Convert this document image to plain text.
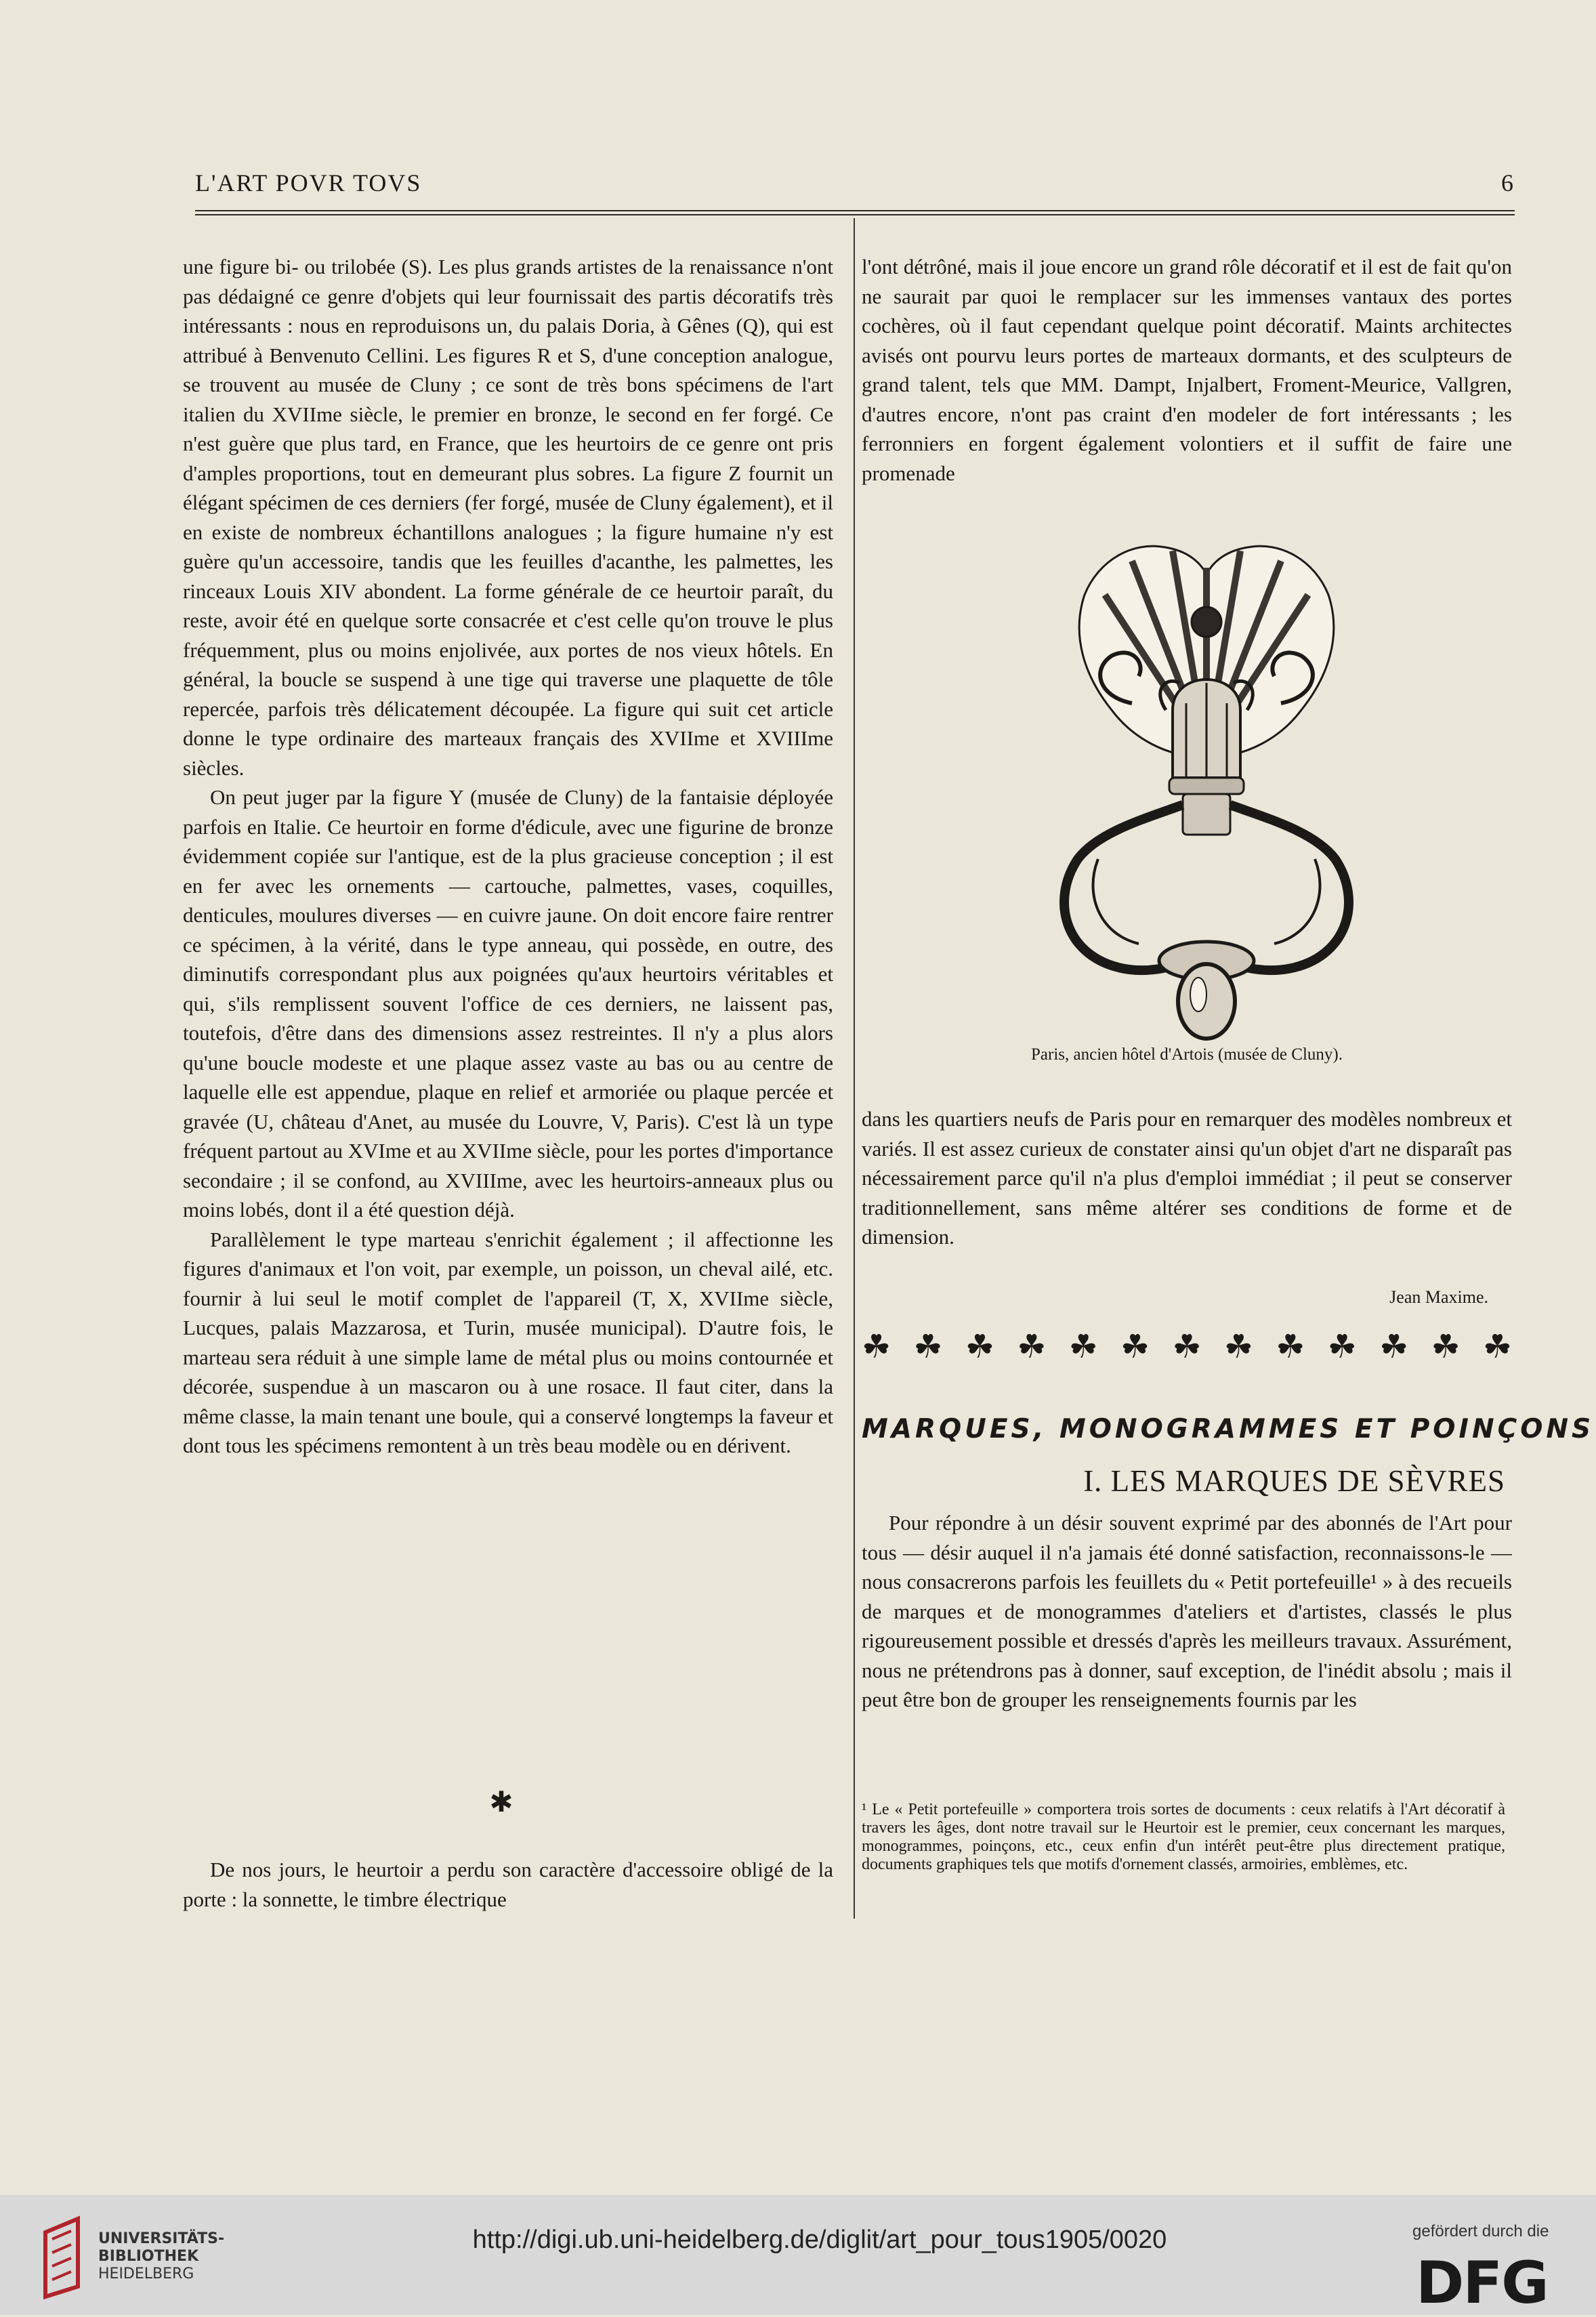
L'ART POVR TOVS	6

une figure bi- ou trilobée (S). Les plus grands artistes de la renaissance n'ont pas dédaigné ce genre d'objets qui leur fournissait des partis décoratifs très intéressants : nous en reproduisons un, du palais Doria, à Gênes (Q), qui est attribué à Benvenuto Cellini. Les figures R et S, d'une conception analogue, se trouvent au musée de Cluny ; ce sont de très bons spécimens de l'art italien du XVIIme siècle, le premier en bronze, le second en fer forgé. Ce n'est guère que plus tard, en France, que les heurtoirs de ce genre ont pris d'amples proportions, tout en demeurant plus sobres. La figure Z fournit un élégant spécimen de ces derniers (fer forgé, musée de Cluny également), et il en existe de nombreux échantillons analogues ; la figure humaine n'y est guère qu'un accessoire, tandis que les feuilles d'acanthe, les palmettes, les rinceaux Louis XIV abondent. La forme générale de ce heurtoir paraît, du reste, avoir été en quelque sorte consacrée et c'est celle qu'on trouve le plus fréquemment, plus ou moins enjolivée, aux portes de nos vieux hôtels. En général, la boucle se suspend à une tige qui traverse une plaquette de tôle repercée, parfois très délicatement découpée. La figure qui suit cet article donne le type ordinaire des marteaux français des XVIIme et XVIIIme siècles.

On peut juger par la figure Y (musée de Cluny) de la fantaisie déployée parfois en Italie. Ce heurtoir en forme d'édicule, avec une figurine de bronze évidemment copiée sur l'antique, est de la plus gracieuse conception ; il est en fer avec les ornements — cartouche, palmettes, vases, coquilles, denticules, moulures diverses — en cuivre jaune. On doit encore faire rentrer ce spécimen, à la vérité, dans le type anneau, qui possède, en outre, des diminutifs correspondant plus aux poignées qu'aux heurtoirs véritables et qui, s'ils remplissent souvent l'office de ces derniers, ne laissent pas, toutefois, d'être dans des dimensions assez restreintes. Il n'y a plus alors qu'une boucle modeste et une plaque assez vaste au bas ou au centre de laquelle elle est appendue, plaque en relief et armoriée ou plaque percée et gravée (U, château d'Anet, au musée du Louvre, V, Paris). C'est là un type fréquent partout au XVIme et au XVIIme siècle, pour les portes d'importance secondaire ; il se confond, au XVIIIme, avec les heurtoirs-anneaux plus ou moins lobés, dont il a été question déjà.

Parallèlement le type marteau s'enrichit également ; il affectionne les figures d'animaux et l'on voit, par exemple, un poisson, un cheval ailé, etc. fournir à lui seul le motif complet de l'appareil (T, X, XVIIme siècle, Lucques, palais Mazzarosa, et Turin, musée municipal). D'autre fois, le marteau sera réduit à une simple lame de métal plus ou moins contournée et décorée, suspendue à un mascaron ou à une rosace. Il faut citer, dans la même classe, la main tenant une boule, qui a conservé longtemps la faveur et dont tous les spécimens remontent à un très beau modèle ou en dérivent.

✱

De nos jours, le heurtoir a perdu son caractère d'accessoire obligé de la porte : la sonnette, le timbre électrique

l'ont détrôné, mais il joue encore un grand rôle décoratif et il est de fait qu'on ne saurait par quoi le remplacer sur les immenses vantaux des portes cochères, où il faut cependant quelque point décoratif. Maints architectes avisés ont pourvu leurs portes de marteaux dormants, et des sculpteurs de grand talent, tels que MM. Dampt, Injalbert, Froment-Meurice, Vallgren, d'autres encore, n'ont pas craint d'en modeler de fort intéressants ; les ferronniers en forgent également volontiers et il suffit de faire une promenade

Paris, ancien hôtel d'Artois (musée de Cluny).

dans les quartiers neufs de Paris pour en remarquer des modèles nombreux et variés. Il est assez curieux de constater ainsi qu'un objet d'art ne disparaît pas nécessairement parce qu'il n'a plus d'emploi immédiat ; il peut se conserver traditionnellement, sans même altérer ses conditions de forme et de dimension.

Jean Maxime.
☘ ☘ ☘ ☘ ☘ ☘ ☘ ☘ ☘ ☘ ☘ ☘ ☘
MARQUES, MONOGRAMMES ET POINÇONS
I. LES MARQUES DE SÈVRES

Pour répondre à un désir souvent exprimé par des abonnés de l'Art pour tous — désir auquel il n'a jamais été donné satisfaction, reconnaissons-le — nous consacrerons parfois les feuillets du « Petit portefeuille¹ » à des recueils de marques et de monogrammes d'ateliers et d'artistes, classés le plus rigoureusement possible et dressés d'après les meilleurs travaux. Assurément, nous ne prétendrons pas à donner, sauf exception, de l'inédit absolu ; mais il peut être bon de grouper les renseignements fournis par les

¹ Le « Petit portefeuille » comportera trois sortes de documents : ceux relatifs à l'Art décoratif à travers les âges, dont notre travail sur le Heurtoir est le premier, ceux concernant les marques, monogrammes, poinçons, etc., ceux enfin d'un intérêt peut-être plus directement pratique, documents graphiques tels que motifs d'ornement classés, armoiries, emblèmes, etc.
UNIVERSITÄTS-
BIBLIOTHEK
HEIDELBERG
http://digi.ub.uni-heidelberg.de/diglit/art_pour_tous1905/0020	gefördert durch die
DFG
